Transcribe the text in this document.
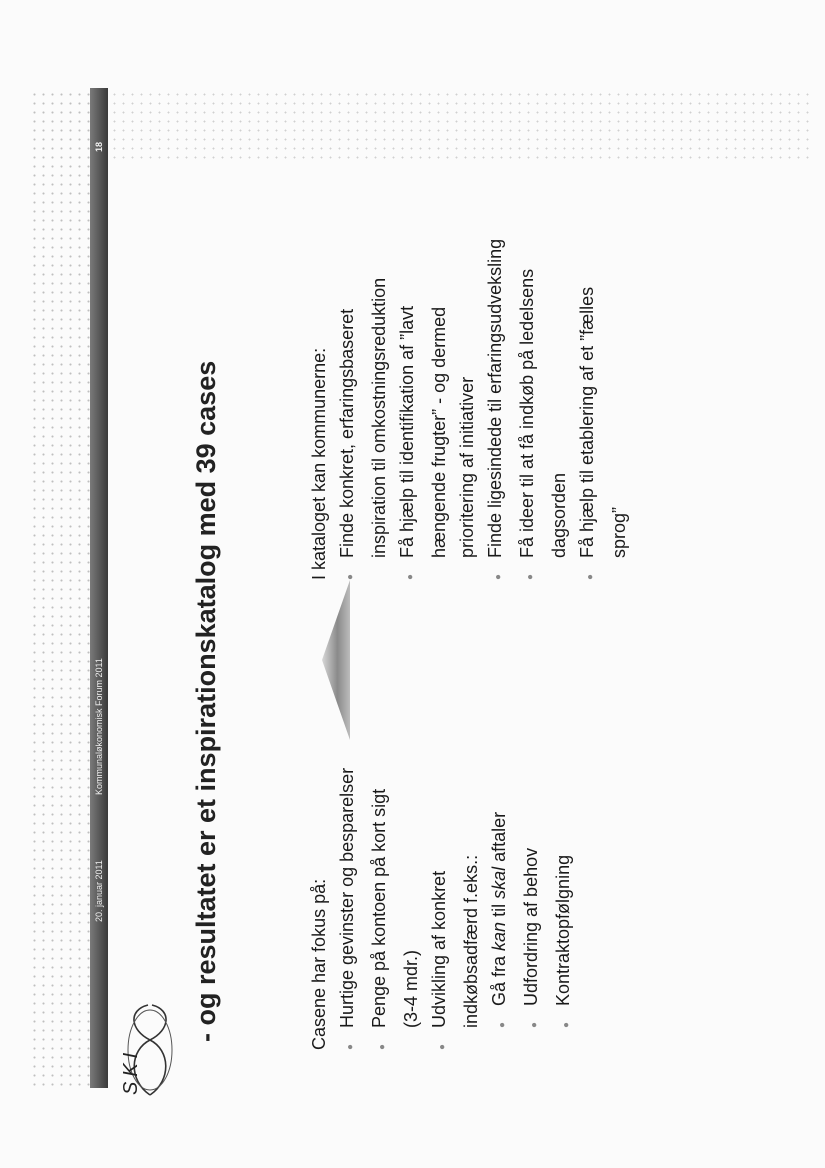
20. januar 2011
Kommunaløkonomisk Forum 2011
18
- og resultatet er et inspirationskatalog med 39 cases	Casene har fokus på:	●Hurtige gevinster og besparelser
●Penge på kontoen på kort sigt (3-4 mdr.)
●Udvikling af konkret indkøbsadfærd f.eks.:	●Gå fra kan til skal aftaler
●Udfordring af behov
●Kontraktopfølgning
I kataloget kan kommunerne:	●Finde konkret, erfaringsbaseret inspiration til omkostningsreduktion
●Få hjælp til identifikation af ”lavt hængende frugter” - og dermed prioritering af initiativer
●Finde ligesindede til erfaringsudveksling
●Få ideer til at få indkøb på ledelsens dagsorden
●Få hjælp til etablering af et ”fælles sprog”
SKI
